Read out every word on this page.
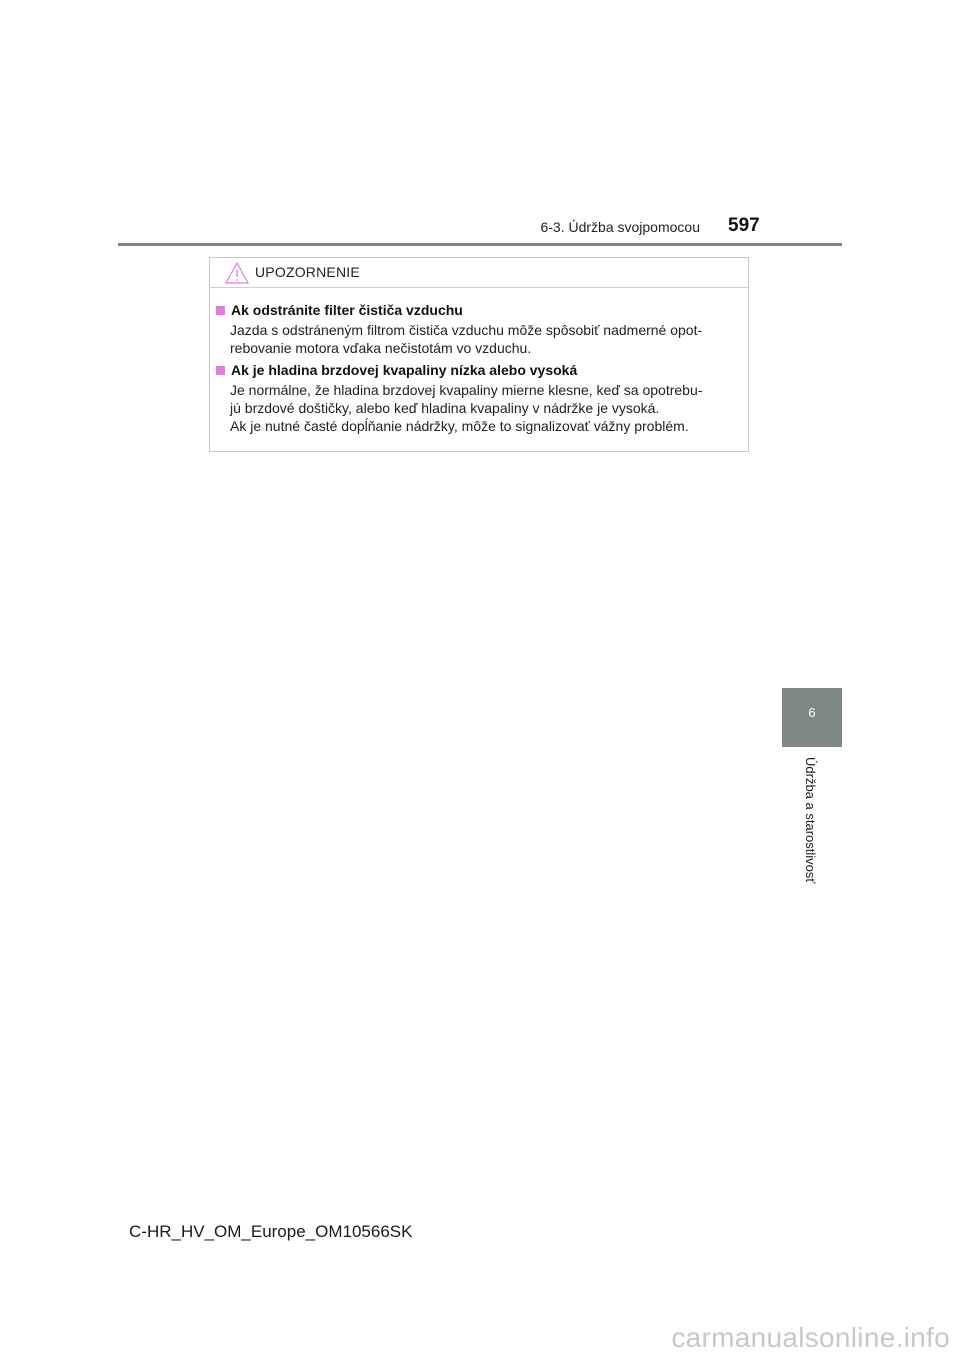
6-3. Údržba svojpomocou 597
UPOZORNENIE
Ak odstránite filter čističa vzduchu
Jazda s odstráneným filtrom čističa vzduchu môže spôsobiť nadmerné opot-
rebovanie motora vďaka nečistotám vo vzduchu.
Ak je hladina brzdovej kvapaliny nízka alebo vysoká
Je normálne, že hladina brzdovej kvapaliny mierne klesne, keď sa opotrebu-
jú brzdové doštičky, alebo keď hladina kvapaliny v nádržke je vysoká.
Ak je nutné časté dopĺňanie nádržky, môže to signalizovať vážny problém.
6
Údržba a starostlivosť
C-HR_HV_OM_Europe_OM10566SK
carmanualsonline.info
